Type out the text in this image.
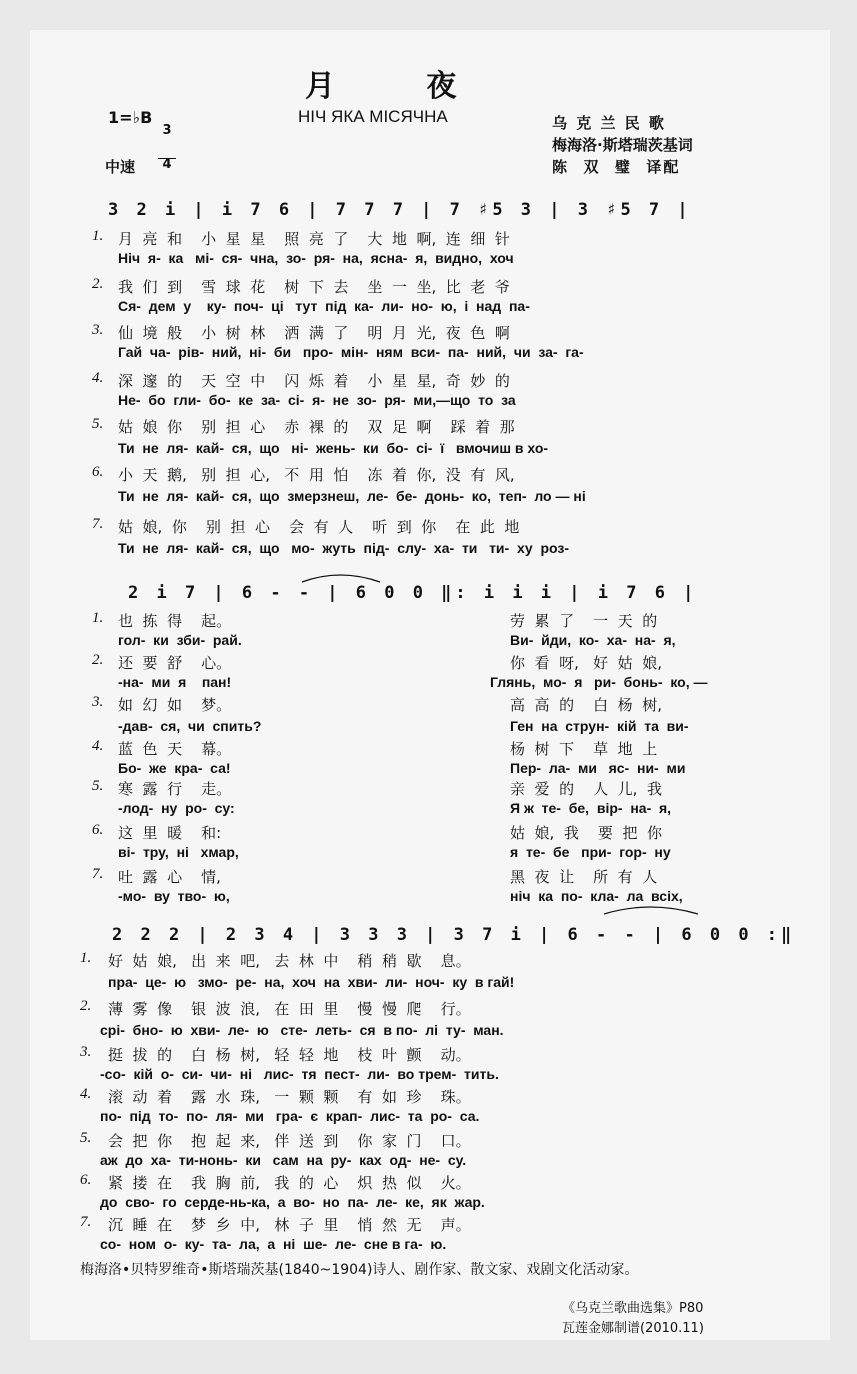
月 　 　 夜
НІЧ ЯКА МІСЯЧНА
1=♭B

3

4

中速
乌 克 兰 民 歌
梅海洛·斯塔瑞茨基词
陈  双  璧  译配
3 2 i | i 7 6 | 7 7 7 | 7 ♯5 3 | 3 ♯5 7 |
1. 月  亮  和    小  星  星    照  亮  了    大  地  啊,  连  细  针
Ніч  я-  ка   мі-  ся-  чна,  зо-  ря-  на,  ясна-  я,  видно,  хоч
2. 我  们  到    雪  球  花    树  下  去    坐  一  坐,  比  老  爷
Ся-  дем  у    ку-  поч-  ці   тут  під  ка-  ли-  но-  ю,  і  над  па-
3. 仙  境  般    小  树  林    洒  满  了    明  月  光,  夜  色  啊
Гай  ча-  рів-  ний,  ні-  би   про-  мін-  ням  вси-  па-  ний,  чи  за-  га-
4. 深  邃  的    天  空  中    闪  烁  着    小  星  星,  奇  妙  的
Не-  бо  гли-  бо-  ке  за-  сі-  я-  не  зо-  ря-  ми,—що  то  за
5. 姑  娘  你    别  担  心    赤  裸  的    双  足  啊    踩  着  那
Ти  не  ля-  кай-  ся,  що   ні-  жень-  ки  бо-  сі-  ї   вмочиш в хо-
6. 小  天  鹅,   别  担  心,   不  用  怕    冻  着  你,  没  有  风,
Ти  не  ля-  кай-  ся,  що  змерзнеш,  ле-  бе-  донь-  ко,  теп-  ло — ні
7. 姑  娘,  你    别  担  心    会  有  人    听  到  你    在  此  地
Ти  не  ля-  кай-  ся,  що   мо-  жуть  під-  слу-  ха-  ти   ти-  ху  роз-
2 i 7 | 6 - - | 6 0 0 ‖: i i i | i 7 6 |
1. 也  拣  得    起。	劳  累  了    一  天  的
гол-  ки  зби-  рай.	Ви-  йди,  ко-  ха-  на-  я,
2. 还  要  舒    心。	你  看  呀,   好  姑  娘,
-на-  ми  я    пан!	Глянь,  мо-  я   ри-  бонь-  ко, —
3. 如  幻  如    梦。	高  高  的    白  杨  树,
-дав-  ся,  чи  спить?	Ген  на  струн-  кій  та  ви-
4. 蓝  色  天    幕。	杨  树  下    草  地  上
Бо-  же  кра-  са!	Пер-  ла-  ми   яс-  ни-  ми
5. 寒  露  行    走。	亲  爱  的    人  儿,  我
-лод-  ну  ро-  су:	Я ж  те-  бе,  вір-  на-  я,
6. 这  里  暖    和:	姑  娘,  我    要  把  你
ві-  тру,  ні   хмар,	я  те-  бе   при-  гор-  ну
7. 吐  露  心    情,	黑  夜  让    所  有  人
-мо-  ву  тво-  ю,	ніч  ка  по-  кла-  ла  всіх,
2 2 2 | 2 3 4 | 3 3 3 | 3 7 i | 6 - - | 6 0 0 :‖
1. 好  姑  娘,   出  来  吧,   去  林  中    稍  稍  歇    息。
пра-  це-  ю   змо-  ре-  на,  хоч  на  хви-  ли-  ноч-  ку  в гай!
2. 薄  雾  像    银  波  浪,   在  田  里    慢  慢  爬    行。
срі-  бно-  ю  хви-  ле-  ю   сте-  леть-  ся  в по-  лі  ту-  ман.
3. 挺  拔  的    白  杨  树,   轻  轻  地    枝  叶  颤    动。
-со-  кій  о-  си-  чи-  ні   лис-  тя  пест-  ли-  во трем-  тить.
4. 滚  动  着    露  水  珠,   一  颗  颗    有  如  珍    珠。
по-  під  то-  по-  ля-  ми   гра-  є  крап-  лис-  та  ро-  са.
5. 会  把  你    抱  起  来,   伴  送  到    你  家  门    口。
аж  до  ха-  ти-нонь-  ки   сам  на  ру-  ках  од-  не-  су.
6. 紧  搂  在    我  胸  前,   我  的  心    炽  热  似    火。
до  сво-  го  серде-нь-ка,  а  во-  но  па-  ле-  ке,  як  жар.
7. 沉  睡  在    梦  乡  中,   林  子  里    悄  然  无    声。
со-  ном  о-  ку-  та-  ла,  а  ні  ше-  ле-  сне в га-  ю.
梅海洛•贝特罗维奇•斯塔瑞茨基(1840~1904)诗人、剧作家、散文家、戏剧文化活动家。
《乌克兰歌曲选集》P80
瓦莲金娜制谱(2010.11)
